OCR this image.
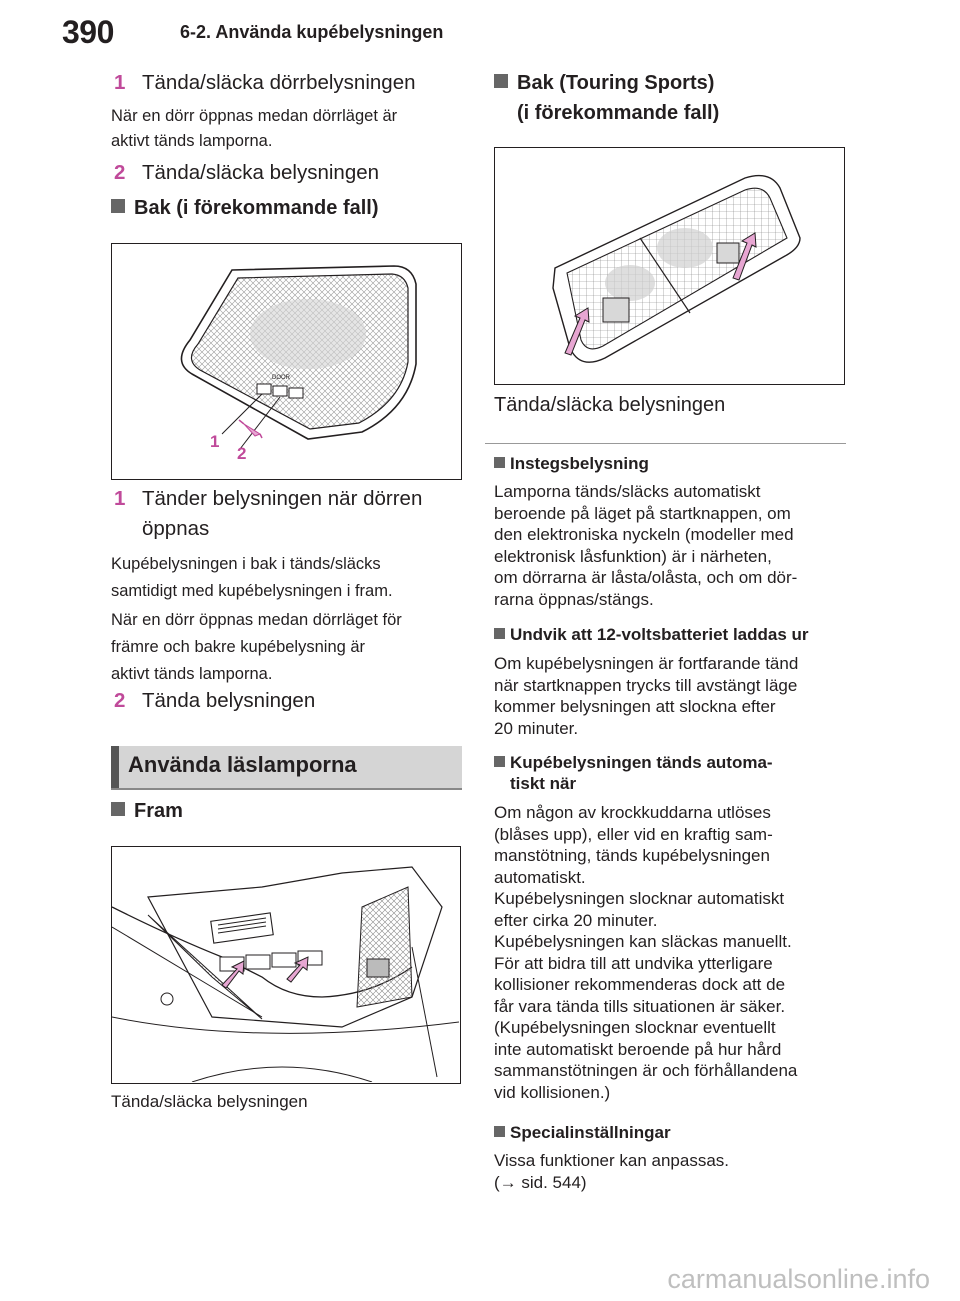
390	6-2. Använda kupébelysningen
1 Tända/släcka dörrbelysningen
När en dörr öppnas medan dörrläget är
aktivt tänds lamporna.
2 Tända/släcka belysningen
Bak (i förekommande fall)
DOOR
1
2
1 Tänder belysningen när dörren
öppnas
Kupébelysningen i bak i tänds/släcks
samtidigt med kupébelysningen i fram.
När en dörr öppnas medan dörrläget för
främre och bakre kupébelysning är
aktivt tänds lamporna.
2 Tända belysningen
Använda läslamporna
Fram
Tända/släcka belysningen
Bak (Touring Sports)
(i förekommande fall)
Tända/släcka belysningen
Instegsbelysning
Lamporna tänds/släcks automatiskt
beroende på läget på startknappen, om
den elektroniska nyckeln (modeller med
elektronisk låsfunktion) är i närheten,
om dörrarna är låsta/olåsta, och om dör-
rarna öppnas/stängs.
Undvik att 12-voltsbatteriet laddas ur
Om kupébelysningen är fortfarande tänd
när startknappen trycks till avstängt läge
kommer belysningen att slockna efter
20 minuter.
Kupébelysningen tänds automa-
tiskt när
Om någon av krockkuddarna utlöses
(blåses upp), eller vid en kraftig sam-
manstötning, tänds kupébelysningen
automatiskt.
Kupébelysningen slocknar automatiskt
efter cirka 20 minuter.
Kupébelysningen kan släckas manuellt.
För att bidra till att undvika ytterligare
kollisioner rekommenderas dock att de
får vara tända tills situationen är säker.
(Kupébelysningen slocknar eventuellt
inte automatiskt beroende på hur hård
sammanstötningen är och förhållandena
vid kollisionen.)
Specialinställningar
Vissa funktioner kan anpassas.
(→ sid. 544)
carmanualsonline.info
